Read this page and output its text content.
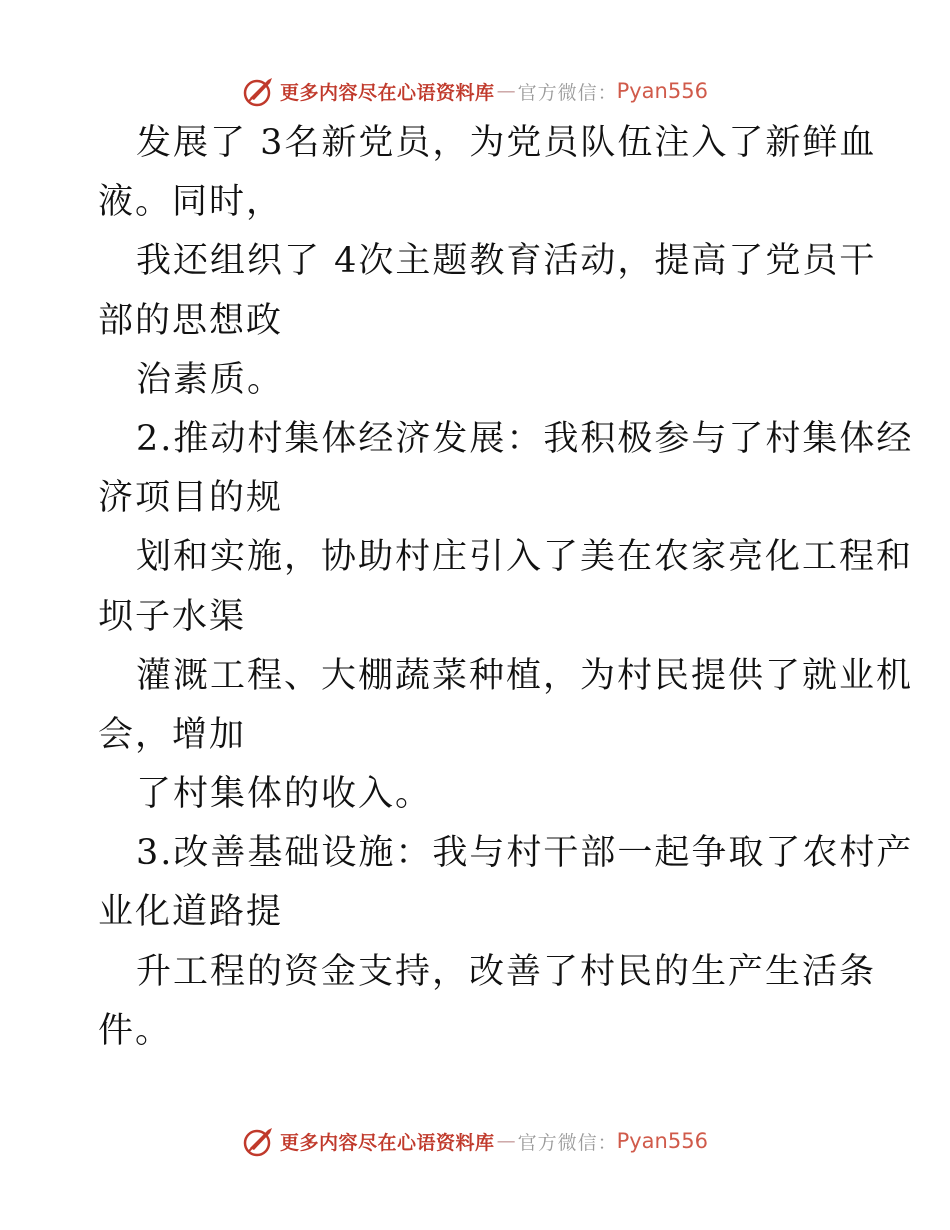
更多内容尽在心语资料库 — 官方微信 ： Pyan556
发展了 3名新党员，为党员队伍注入了新鲜血
液。同时，
我还组织了 4次主题教育活动，提高了党员干
部的思想政
治素质。
2.推动村集体经济发展：我积极参与了村集体经
济项目的规
划和实施，协助村庄引入了美在农家亮化工程和
坝子水渠
灌溉工程、大棚蔬菜种植，为村民提供了就业机
会，增加
了村集体的收入。
3.改善基础设施：我与村干部一起争取了农村产
业化道路提
升工程的资金支持，改善了村民的生产生活条
件。
更多内容尽在心语资料库 — 官方微信 ： Pyan556
